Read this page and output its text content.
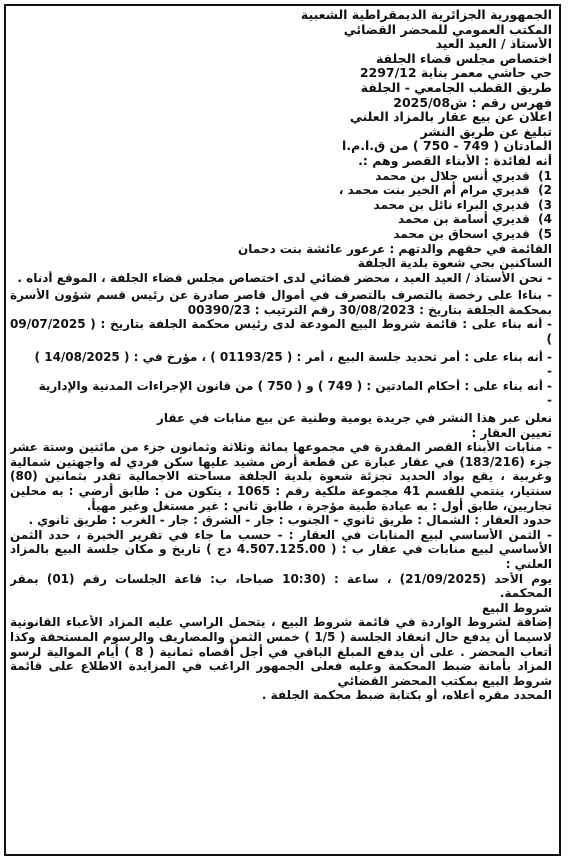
الجمهورية الجزائرية الديمقراطية الشعبية
المكتب العمومي للمحضر القضائي
الأستاذ / العيد العيد
اختصاص مجلس قضاء الجلفة
حي حاشي معمر بناية 2297/12
طريق القطب الجامعي - الجلفة
فهرس رقم : ش2025/08
اعلان عن بيع عقار بالمزاد العلني
تبليغ عن طريق النشر
المادتان ( 749 - 750 ) من ق.ا.م.ا
أنه لفائدة : الأبناء القصر وهم :.
1) قديري أنس جلال بن محمد
2) قديري مرام أم الخير بنت محمد ،
3) قديري البراء نائل بن محمد
4) قديري أسامة بن محمد
5) قديري اسحاق بن محمد
القائمة في حقهم والدتهم : عرعور عائشة بنت دحمان
الساكنين بحي شعوة بلدية الجلفة
- نحن الأستاذ / العيد العيد ، محضر قضائي لدى اختصاص مجلس قضاء الجلفة ، الموقع أدناه .
- بناءا على رخصة بالتصرف بالتصرف في أموال قاصر صادرة عن رئيس قسم شؤون الأسرة بمحكمة الجلفة بتاريخ : 30/08/2023 رقم الترتيب : 00390/23
- أنه بناء على : قائمة شروط البيع المودعة لدى رئيس محكمة الجلفة بتاريخ : ( 09/07/2025 )
- أنه بناء على : أمر تحديد جلسة البيع ، أمر : ( 01193/25 ) ، مؤرخ في : ( 14/08/2025 )
-
- أنه بناء على : أحكام المادتين : ( 749 ) و ( 750 ) من قانون الإجراءات المدنية والإدارية
-
نعلن عبر هذا النشر في جريدة يومية وطنية عن بيع منابات في عقار
تعيين العقار :
- منابات الأبناء القصر المقدرة في مجموعها بمائة وثلاثة وثمانون جزء من مائتين وستة عشر جزء (183/216) في عقار عبارة عن قطعة أرض مشيد عليها سكن فردي له واجهتين شمالية وغربية ، يقع بواد الحديد تجزئة شعوة بلدية الجلفة مساحته الاجمالية تقدر بثمانين (80) سنتيار، ينتمي للقسم 41 مجموعة ملكية رقم : 1065 ، يتكون من : طابق أرضي : به محلين تجاريين، طابق أول : به عيادة طبية مؤجرة ، طابق ثاني : غير مستغل وغير مهيأ.
حدود العقار : الشمال : طريق ثانوي - الجنوب : جار - الشرق : جار - الغرب : طريق ثانوي .
- الثمن الأساسي لبيع المنابات في العقار : - حسب ما جاء في تقرير الخبرة ، حدد الثمن الأساسي لبيع منابات في عقار ب : ( 4.507.125.00 دج ) تاريخ و مكان جلسة البيع بالمزاد العلني :
يوم الأحد (21/09/2025) ، ساعة : (10:30 صباحا، ب: قاعة الجلسات رقم (01) بمقر المحكمة.
شروط البيع
إضافة لشروط الواردة في قائمة شروط البيع ، يتحمل الراسي عليه المزاد الأعباء القانونية لاسيما أن يدفع حال انعقاد الجلسة ( 1/5 ) خمس الثمن والمصاريف والرسوم المستحقة وكذا أتعاب المحضر . على أن يدفع المبلغ الباقي في أجل أقصاه ثمانية ( 8 ) أيام الموالية لرسو المزاد بأمانة ضبط المحكمة وعليه فعلى الجمهور الراغب في المزايدة الاطلاع على قائمة شروط البيع بمكتب المحضر القضائي
المحدد مقره أعلاه، أو بكتابة ضبط محكمة الجلفة .
